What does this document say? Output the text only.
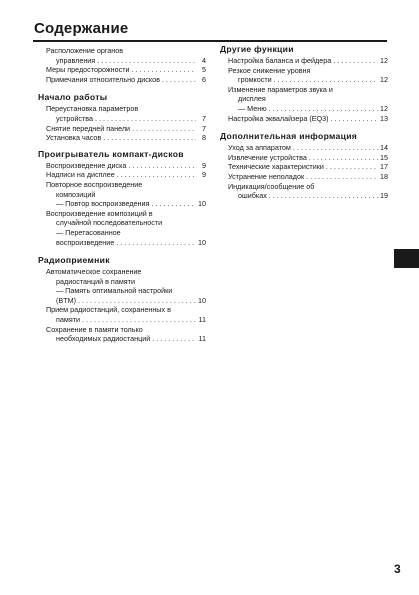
Содержание
Расположение органов
управления . . .	4
Меры предосторожности . . .	5
Примечания относительно дисков . . .	6
Начало работы
Переустановка параметров
устройства . . .	7
Снятие передней панели . . .	7
Установка часов . . .	8
Проигрыватель компакт-дисков
Воспроизведение диска . . .	9
Надписи на дисплее . . .	9
Повторное воспроизведение
композиций
— Повтор воспроизведения . . .	10
Воспроизведение композиций в
случайной последовательности
— Перетасованное
воспроизведение . . .	10
Радиоприемник
Автоматическое сохранение
радиостанций в памяти
— Память оптимальной настройки
(BTM) . . .	10
Прием радиостанций, сохраненных в
памяти . . .	11
Сохранение в памяти только
необходимых радиостанций . . .	11
Другие функции
Настройка баланса и фейдера . . .	12
Резкое снижение уровня
громкости . . .	12
Изменение параметров звука и
дисплея
— Меню . . .	12
Настройка эквалайзера (EQ3) . . .	13
Дополнительная информация
Уход за аппаратом . . .	14
Извлечение устройства . . .	15
Технические характеристики . . .	17
Устранение неполадок . . .	18
Индикация/сообщение об
ошибках . . .	19
3
